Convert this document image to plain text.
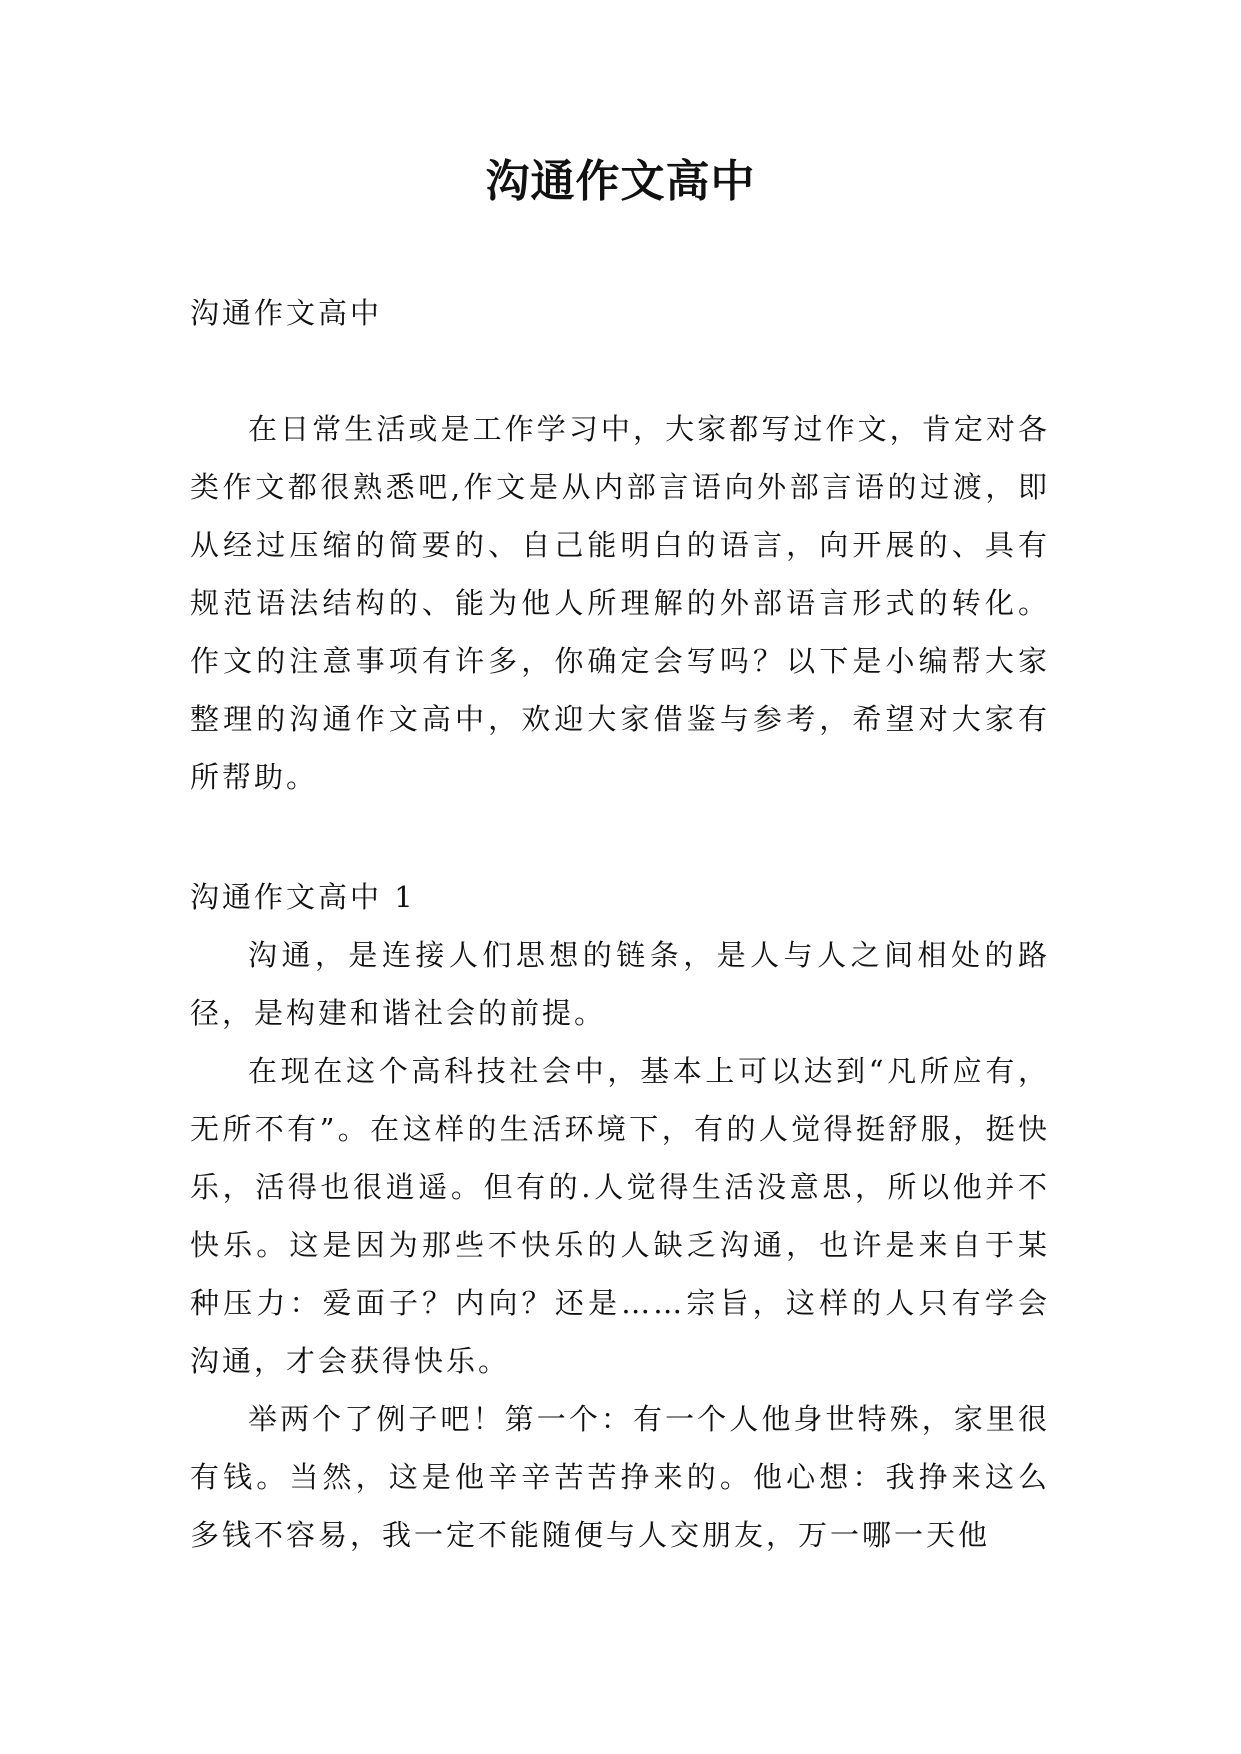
沟通作文高中
沟通作文高中

在日常生活或是工作学习中，大家都写过作文，肯定对各类作文都很熟悉吧,作文是从内部言语向外部言语的过渡，即从经过压缩的简要的、自己能明白的语言，向开展的、具有规范语法结构的、能为他人所理解的外部语言形式的转化。作文的注意事项有许多，你确定会写吗？以下是小编帮大家整理的沟通作文高中，欢迎大家借鉴与参考，希望对大家有所帮助。

沟通作文高中 1

沟通，是连接人们思想的链条，是人与人之间相处的路径，是构建和谐社会的前提。

在现在这个高科技社会中，基本上可以达到“凡所应有，无所不有”。在这样的生活环境下，有的人觉得挺舒服，挺快乐，活得也很逍遥。但有的.人觉得生活没意思，所以他并不快乐。这是因为那些不快乐的人缺乏沟通，也许是来自于某种压力：爱面子？内向？还是……宗旨，这样的人只有学会沟通，才会获得快乐。

举两个了例子吧！第一个：有一个人他身世特殊，家里很有钱。当然，这是他辛辛苦苦挣来的。他心想：我挣来这么多钱不容易，我一定不能随便与人交朋友，万一哪一天他
